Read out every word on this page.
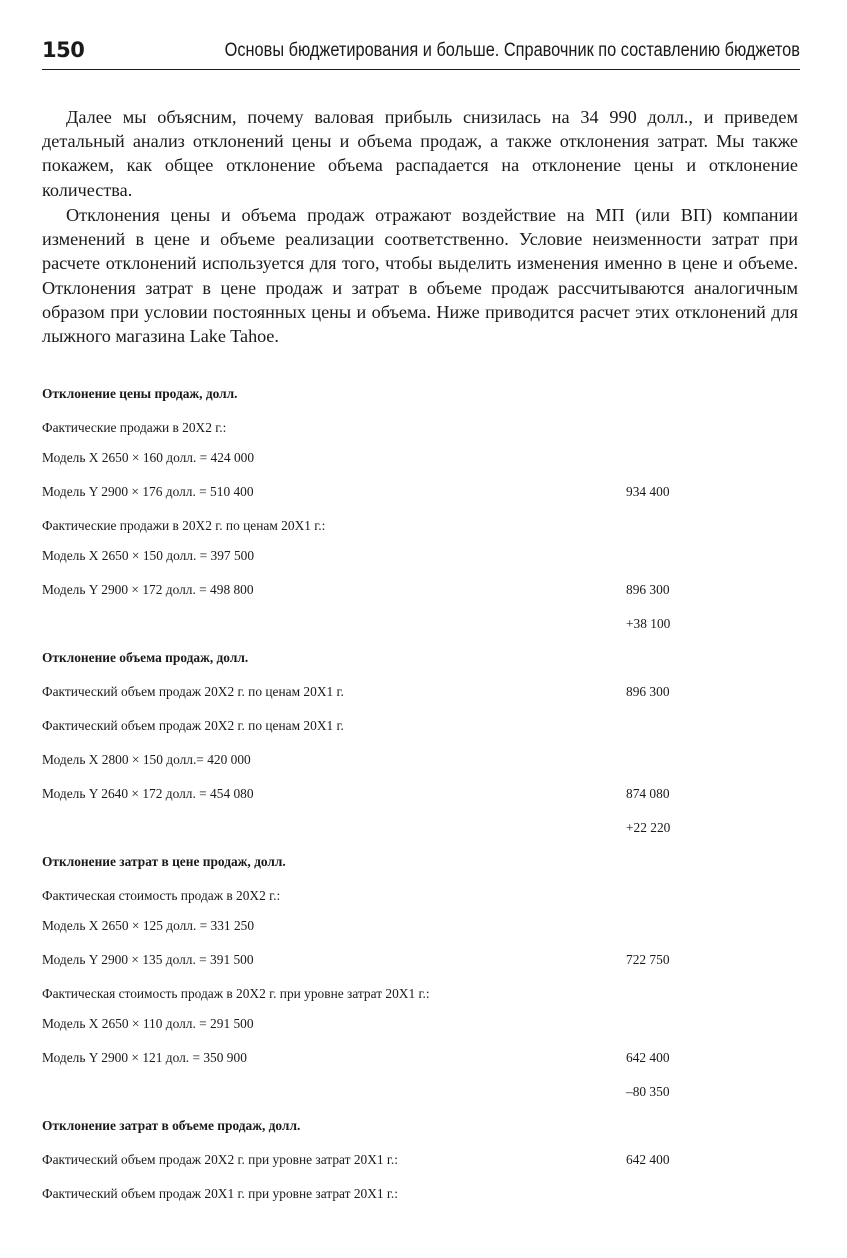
150	Основы бюджетирования и больше. Справочник по составлению бюджетов

Далее мы объясним, почему валовая прибыль снизилась на 34 990 долл., и приведем детальный анализ отклонений цены и объема продаж, а также отклонения затрат. Мы также покажем, как общее отклонение объема распадается на отклонение цены и отклонение количества.

Отклонения цены и объема продаж отражают воздействие на МП (или ВП) компании изменений в цене и объеме реализации соответственно. Условие неизменности затрат при расчете отклонений используется для того, чтобы выделить изменения именно в цене и объеме. Отклонения затрат в цене продаж и затрат в объеме продаж рассчитываются аналогичным образом при условии постоянных цены и объема. Ниже приводится расчет этих отклонений для лыжного магазина Lake Tahoe.

Отклонение цены продаж, долл.
Фактические продажи в 20Х2 г.:
Модель X 2650 × 160 долл. = 424 000
Модель Y 2900 × 176 долл. = 510 400	934 400
Фактические продажи в 20Х2 г. по ценам 20Х1 г.:
Модель X 2650 × 150 долл. = 397 500
Модель Y 2900 × 172 долл. = 498 800	896 300
+38 100
Отклонение объема продаж, долл.
Фактический объем продаж 20Х2 г. по ценам 20Х1 г.	896 300
Фактический объем продаж 20Х2 г. по ценам 20Х1 г.
Модель X 2800 × 150 долл.= 420 000
Модель Y 2640 × 172 долл. = 454 080	874 080
+22 220
Отклонение затрат в цене продаж, долл.
Фактическая стоимость продаж в 20Х2 г.:
Модель X 2650 × 125 долл. = 331 250
Модель Y 2900 × 135 долл. = 391 500	722 750
Фактическая стоимость продаж в 20Х2 г. при уровне затрат 20Х1 г.:
Модель X 2650 × 110 долл. = 291 500
Модель Y 2900 × 121 дол. = 350 900	642 400
–80 350
Отклонение затрат в объеме продаж, долл.
Фактический объем продаж 20Х2 г. при уровне затрат 20Х1 г.:	642 400
Фактический объем продаж 20Х1 г. при уровне затрат 20Х1 г.:
